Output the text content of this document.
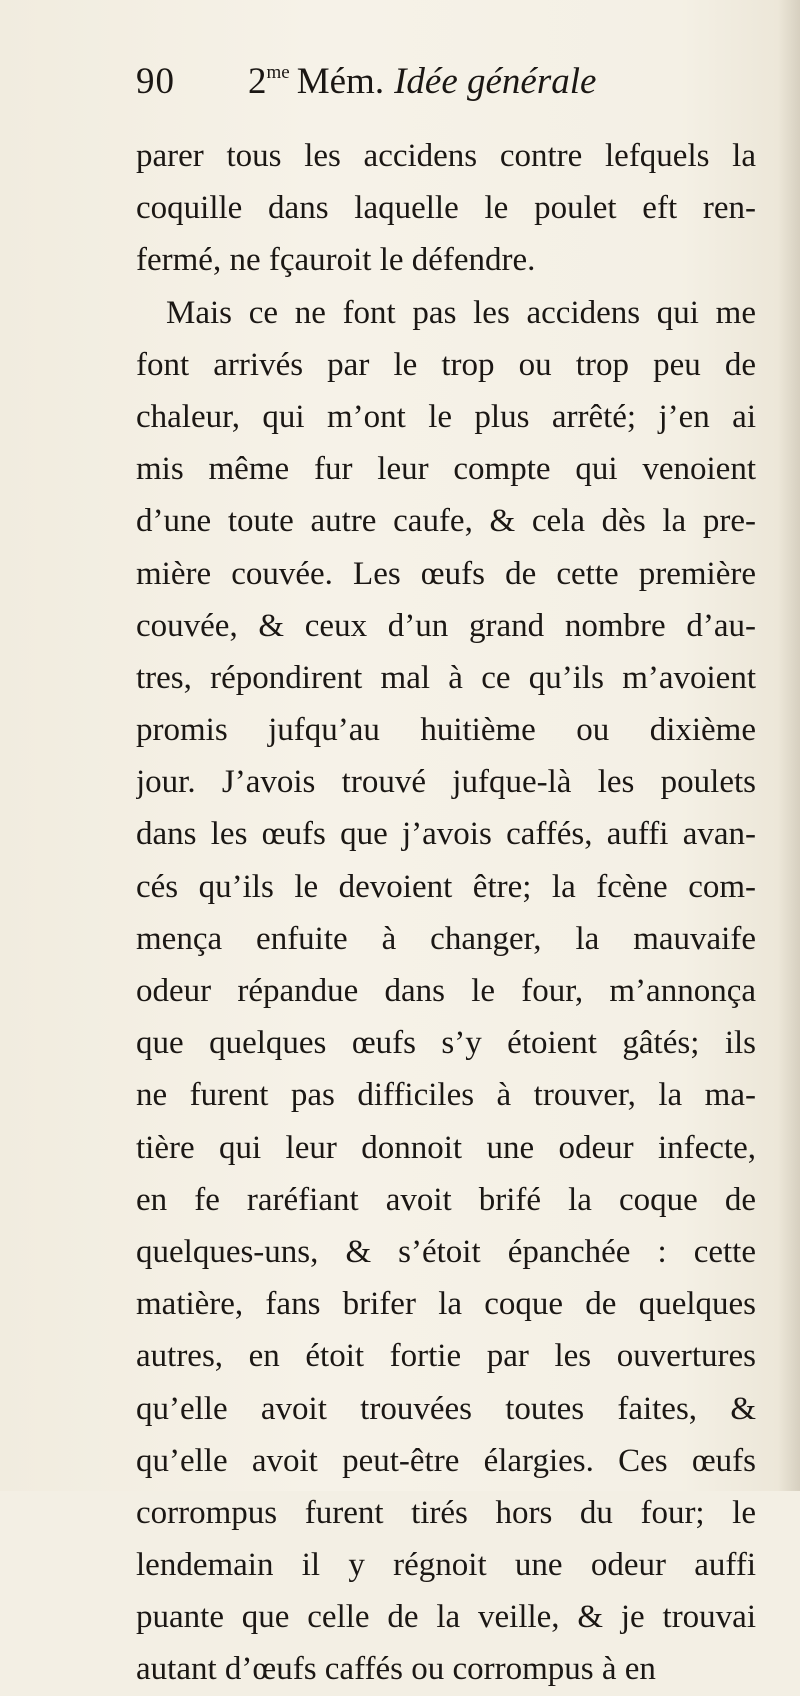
90 $2^{me}$ Mém. Idée générale
parer tous les accidens contre lefquels la
coquille dans laquelle le poulet eft ren-
fermé, ne fçauroit le défendre.
Mais ce ne font pas les accidens qui me
font arrivés par le trop ou trop peu de
chaleur, qui m’ont le plus arrêté; j’en ai
mis même fur leur compte qui venoient
d’une toute autre caufe, & cela dès la pre-
mière couvée. Les œufs de cette première
couvée, & ceux d’un grand nombre d’au-
tres, répondirent mal à ce qu’ils m’avoient
promis jufqu’au huitième ou dixième
jour. J’avois trouvé jufque-là les poulets
dans les œufs que j’avois caffés, auffi avan-
cés qu’ils le devoient être; la fcène com-
mença enfuite à changer, la mauvaife
odeur répandue dans le four, m’annonça
que quelques œufs s’y étoient gâtés; ils
ne furent pas difficiles à trouver, la ma-
tière qui leur donnoit une odeur infecte,
en fe raréfiant avoit brifé la coque de
quelques-uns, & s’étoit épanchée : cette
matière, fans brifer la coque de quelques
autres, en étoit fortie par les ouvertures
qu’elle avoit trouvées toutes faites, &
qu’elle avoit peut-être élargies. Ces œufs
corrompus furent tirés hors du four; le
lendemain il y régnoit une odeur auffi
puante que celle de la veille, & je trouvai
autant d’œufs caffés ou corrompus à en
